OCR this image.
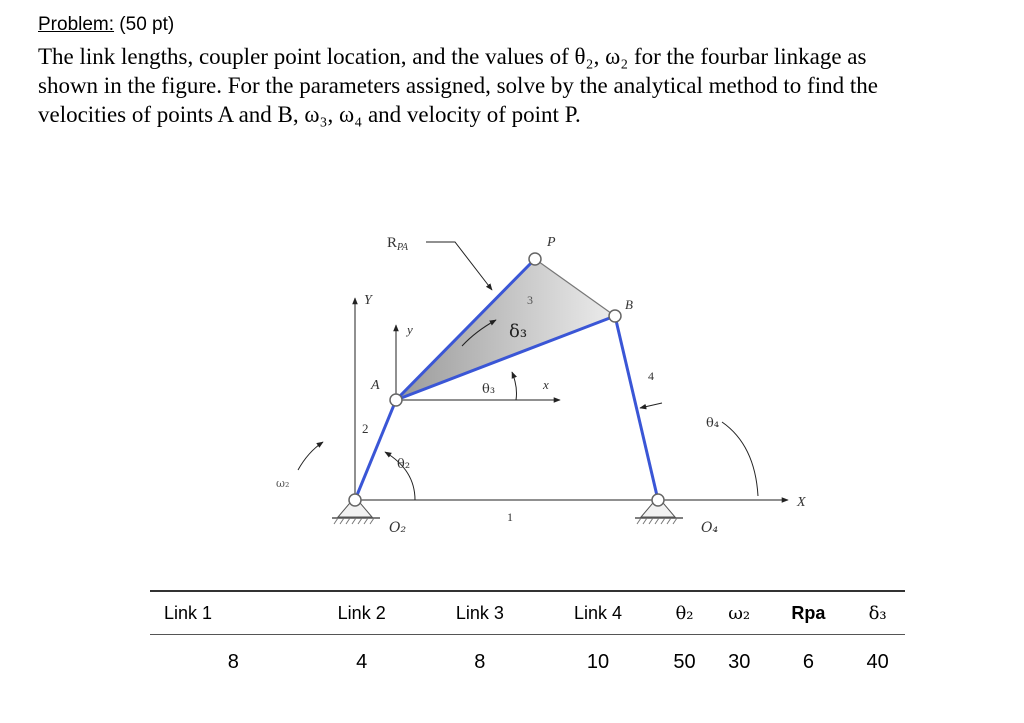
Problem: (50 pt)
The link lengths, coupler point location, and the values of θ₂, ω₂ for the fourbar linkage as
shown in the figure. For the parameters assigned, solve by the analytical method to find the
velocities of points A and B, ω₃, ω₄ and velocity of point P.
$R_{PA}$	P
B
A
Y
y
x
X
1
2
3
4
δ₃
θ₃
θ₂
θ₄
ω₂
O₂	O₄
Link 1	Link 2	Link 3	Link 4	θ₂	ω₂	Rpa	δ₃
8	4	8	10	50	30	6	40
